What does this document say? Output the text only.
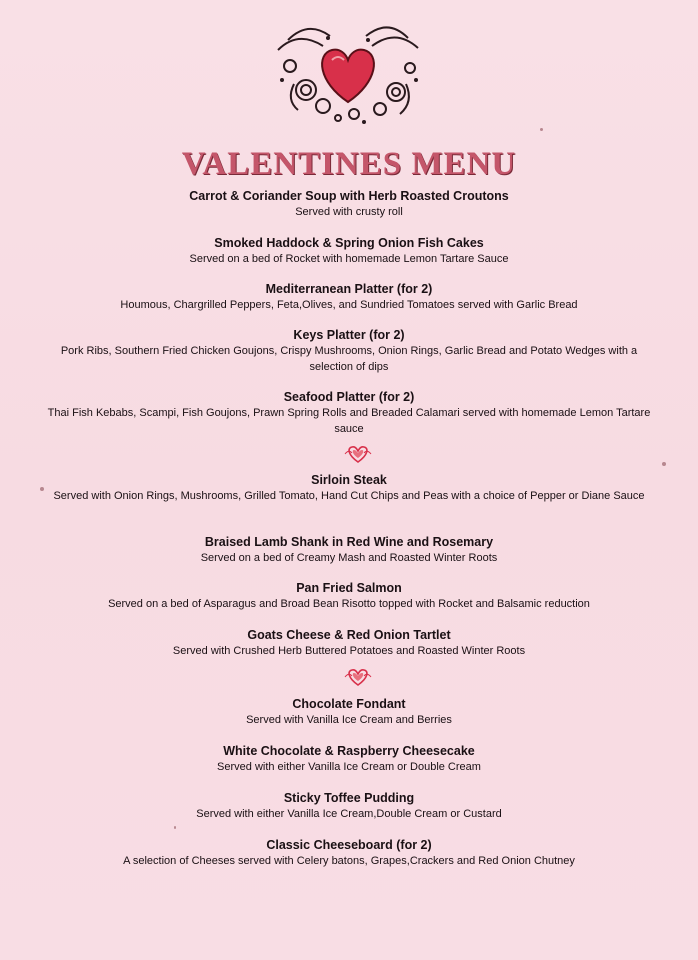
VALENTINES MENU
Carrot & Coriander Soup with Herb Roasted Croutons
Served with crusty roll
Smoked Haddock & Spring Onion Fish Cakes
Served on a bed of Rocket with homemade Lemon Tartare Sauce
Mediterranean Platter (for 2)
Houmous, Chargrilled Peppers, Feta,Olives, and Sundried Tomatoes served with Garlic Bread
Keys Platter (for 2)
Pork Ribs, Southern Fried Chicken Goujons, Crispy Mushrooms, Onion Rings, Garlic Bread and Potato Wedges with a selection of dips
Seafood Platter (for 2)
Thai Fish Kebabs, Scampi, Fish Goujons, Prawn Spring Rolls and Breaded Calamari served with homemade Lemon Tartare sauce
Sirloin Steak
Served with Onion Rings, Mushrooms, Grilled Tomato, Hand Cut Chips and Peas with a choice of Pepper or Diane Sauce
Braised Lamb Shank in Red Wine and Rosemary
Served on a bed of Creamy Mash and Roasted Winter Roots
Pan Fried Salmon
Served on a bed of Asparagus and Broad Bean Risotto topped with Rocket and Balsamic reduction
Goats Cheese & Red Onion Tartlet
Served with Crushed Herb Buttered Potatoes and Roasted Winter Roots
Chocolate Fondant
Served with Vanilla Ice Cream and Berries
White Chocolate & Raspberry Cheesecake
Served with either Vanilla Ice Cream or Double Cream
Sticky Toffee Pudding
Served with either Vanilla Ice Cream,Double Cream or Custard
Classic Cheeseboard (for 2)
A selection of Cheeses served with Celery batons, Grapes,Crackers and Red Onion Chutney
